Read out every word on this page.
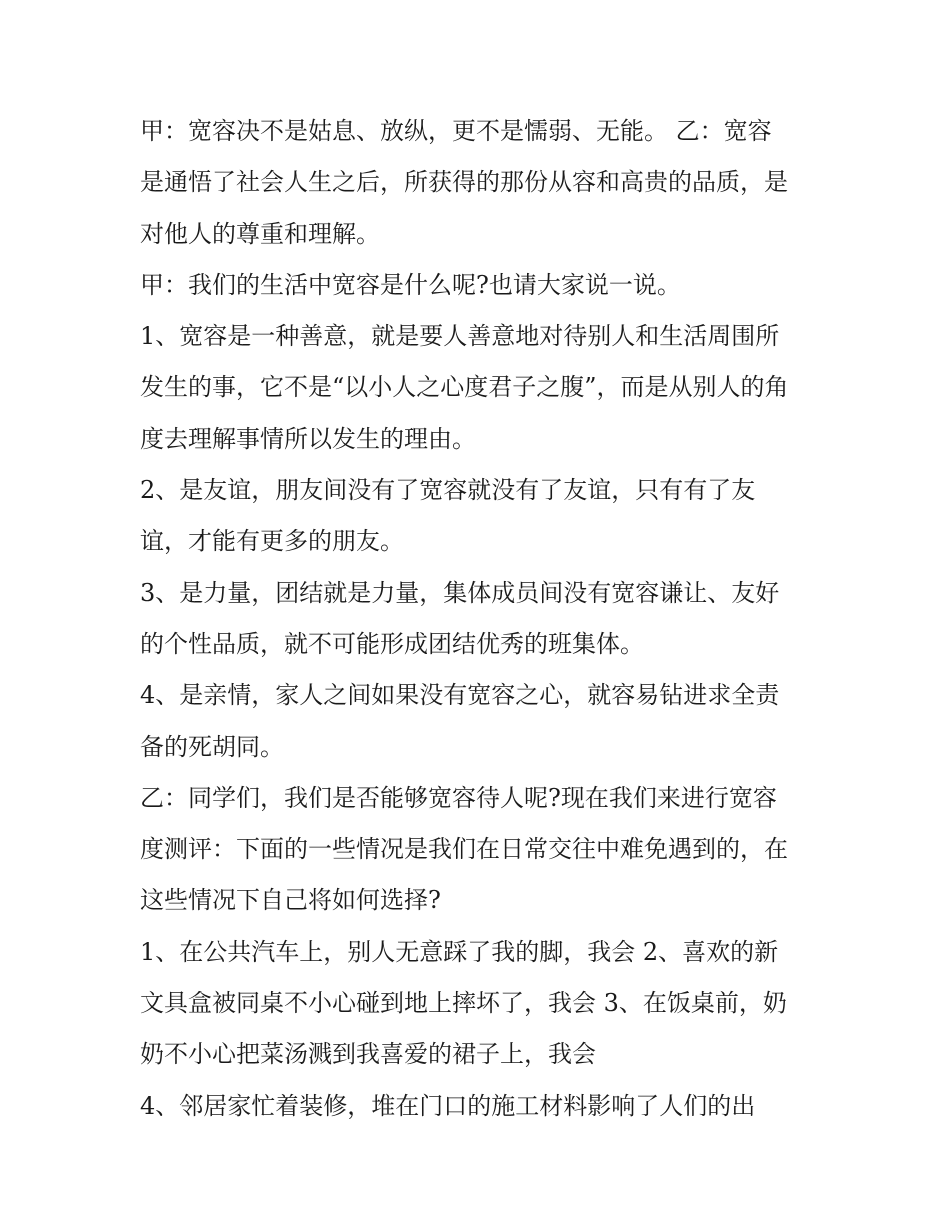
甲：宽容决不是姑息、放纵，更不是懦弱、无能。 乙：宽容
是通悟了社会人生之后，所获得的那份从容和高贵的品质，是
对他人的尊重和理解。
甲：我们的生活中宽容是什么呢?也请大家说一说。
1、宽容是一种善意，就是要人善意地对待别人和生活周围所
发生的事，它不是“以小人之心度君子之腹”，而是从别人的角
度去理解事情所以发生的理由。
2、是友谊，朋友间没有了宽容就没有了友谊，只有有了友
谊，才能有更多的朋友。
3、是力量，团结就是力量，集体成员间没有宽容谦让、友好
的个性品质，就不可能形成团结优秀的班集体。
4、是亲情，家人之间如果没有宽容之心，就容易钻进求全责
备的死胡同。
乙：同学们，我们是否能够宽容待人呢?现在我们来进行宽容
度测评：下面的一些情况是我们在日常交往中难免遇到的，在
这些情况下自己将如何选择?
1、在公共汽车上，别人无意踩了我的脚，我会 2、喜欢的新
文具盒被同桌不小心碰到地上摔坏了，我会 3、在饭桌前，奶
奶不小心把菜汤溅到我喜爱的裙子上，我会
4、邻居家忙着装修，堆在门口的施工材料影响了人们的出
